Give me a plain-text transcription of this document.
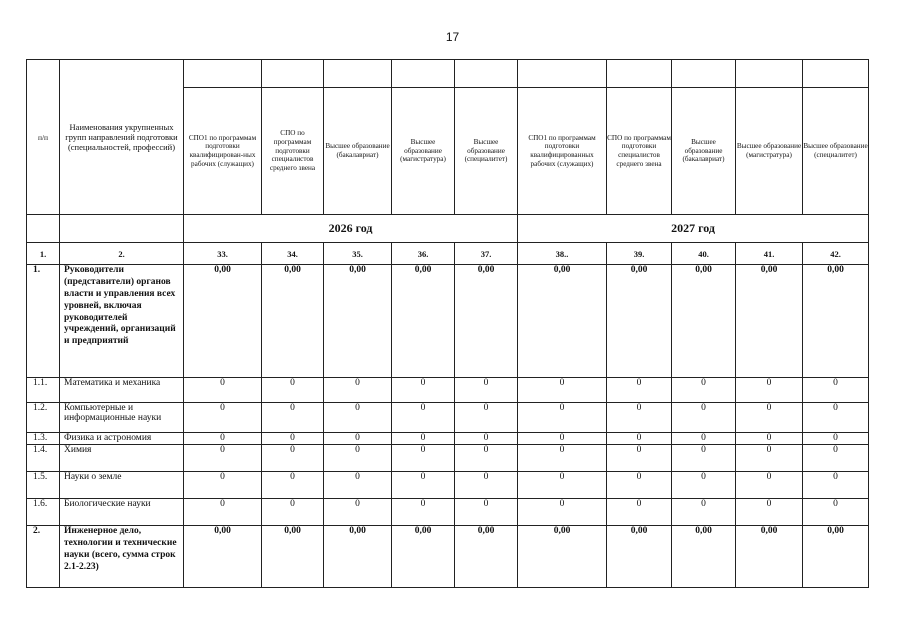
17
п/п	Наименования укрупненных групп направлений подготовки (специальностей, профессий)										
		СПО1 по программам подготовки квалифицирован-ных рабочих (служащих)	СПО по программам подготовки специалистов среднего звена	Высшее образование (бакалавриат)	Высшее образование (магистратура)	Высшее образование (специалитет)	СПО1 по программам подготовки квалифицированных рабочих (служащих)	СПО по программам подготовки специалистов среднего звена	Высшее образование (бакалавриат)	Высшее образование (магистратура)	Высшее образование (специалитет)
		2026 год					2027 год				
1.	2.	33.	34.	35.	36.	37.	38..	39.	40.	41.	42.
1.	Руководители (представители) органов власти и управления всех уровней, включая руководителей учреждений, организаций и предприятий	0,00	0,00	0,00	0,00	0,00	0,00	0,00	0,00	0,00	0,00
1.1.	Математика и механика	0	0	0	0	0	0	0	0	0	0
1.2.	Компьютерные и информационные науки	0	0	0	0	0	0	0	0	0	0
1.3.	Физика и астрономия	0	0	0	0	0	0	0	0	0	0
1.4.	Химия	0	0	0	0	0	0	0	0	0	0
1.5.	Науки о земле	0	0	0	0	0	0	0	0	0	0
1.6.	Биологические науки	0	0	0	0	0	0	0	0	0	0
2.	Инженерное дело, технологии и технические науки (всего, сумма строк 2.1-2.23)	0,00	0,00	0,00	0,00	0,00	0,00	0,00	0,00	0,00	0,00
